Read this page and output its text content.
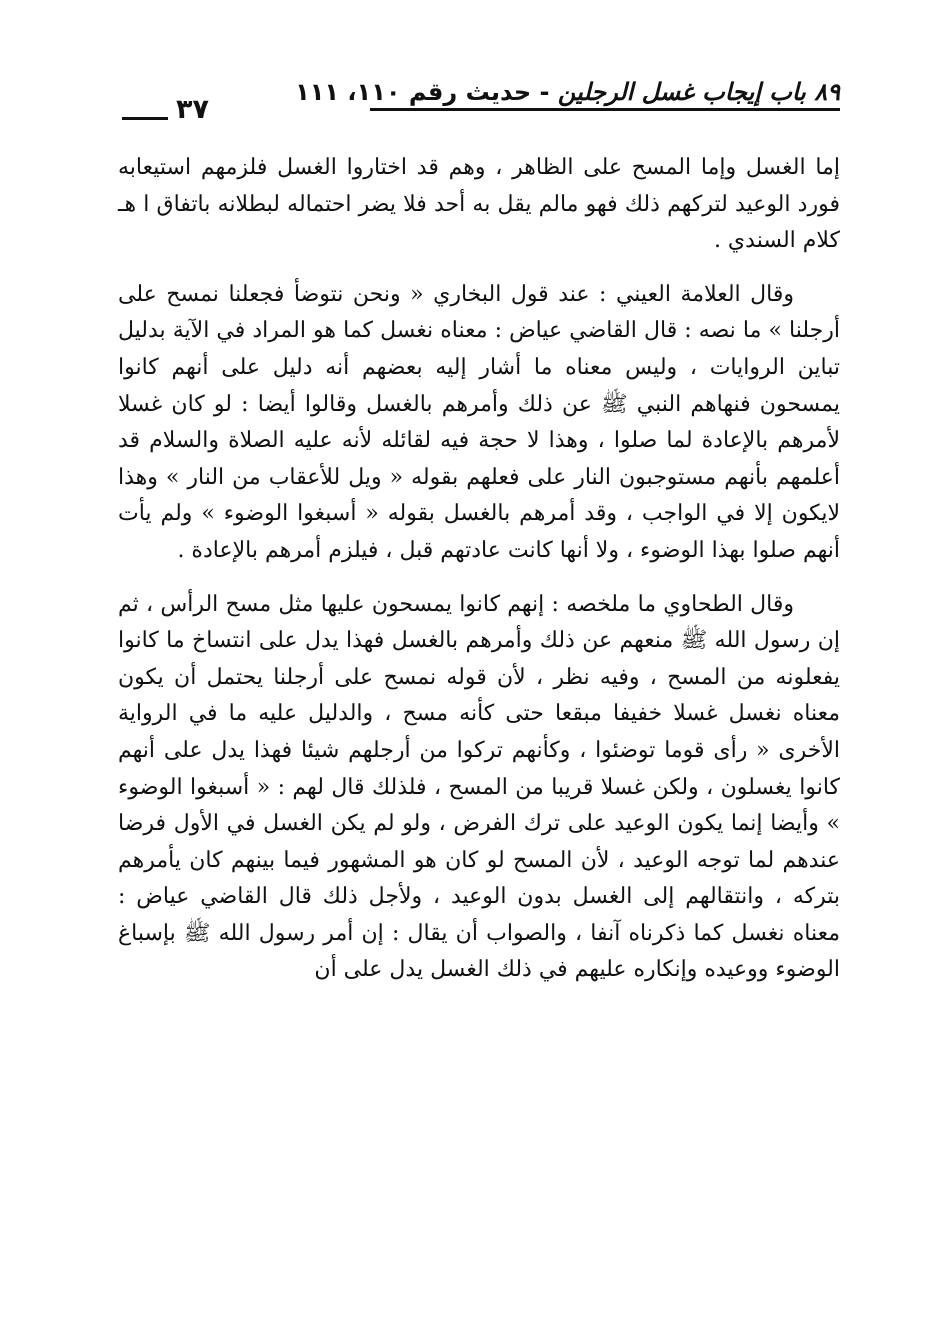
٨٩ باب إيجاب غسل الرجلين - حديث رقم ١١٠، ١١١
٣٧

إما الغسل وإما المسح على الظاهر ، وهم قد اختاروا الغسل فلزمهم استيعابه فورد الوعيد لتركهم ذلك فهو مالم يقل به أحد فلا يضر احتماله لبطلانه باتفاق ا هـ كلام السندي .

وقال العلامة العيني : عند قول البخاري « ونحن نتوضأ فجعلنا نمسح على أرجلنا » ما نصه : قال القاضي عياض : معناه نغسل كما هو المراد في الآية بدليل تباين الروايات ، وليس معناه ما أشار إليه بعضهم أنه دليل على أنهم كانوا يمسحون فنهاهم النبي ﷺ عن ذلك وأمرهم بالغسل وقالوا أيضا : لو كان غسلا لأمرهم بالإعادة لما صلوا ، وهذا لا حجة فيه لقائله لأنه عليه الصلاة والسلام قد أعلمهم بأنهم مستوجبون النار على فعلهم بقوله « ويل للأعقاب من النار » وهذا لايكون إلا في الواجب ، وقد أمرهم بالغسل بقوله « أسبغوا الوضوء » ولم يأت أنهم صلوا بهذا الوضوء ، ولا أنها كانت عادتهم قبل ، فيلزم أمرهم بالإعادة .

وقال الطحاوي ما ملخصه : إنهم كانوا يمسحون عليها مثل مسح الرأس ، ثم إن رسول الله ﷺ منعهم عن ذلك وأمرهم بالغسل فهذا يدل على انتساخ ما كانوا يفعلونه من المسح ، وفيه نظر ، لأن قوله نمسح على أرجلنا يحتمل أن يكون معناه نغسل غسلا خفيفا مبقعا حتى كأنه مسح ، والدليل عليه ما في الرواية الأخرى « رأى قوما توضئوا ، وكأنهم تركوا من أرجلهم شيئا فهذا يدل على أنهم كانوا يغسلون ، ولكن غسلا قريبا من المسح ، فلذلك قال لهم : « أسبغوا الوضوء » وأيضا إنما يكون الوعيد على ترك الفرض ، ولو لم يكن الغسل في الأول فرضا عندهم لما توجه الوعيد ، لأن المسح لو كان هو المشهور فيما بينهم كان يأمرهم بتركه ، وانتقالهم إلى الغسل بدون الوعيد ، ولأجل ذلك قال القاضي عياض : معناه نغسل كما ذكرناه آنفا ، والصواب أن يقال : إن أمر رسول الله ﷺ بإسباغ الوضوء ووعيده وإنكاره عليهم في ذلك الغسل يدل على أن
